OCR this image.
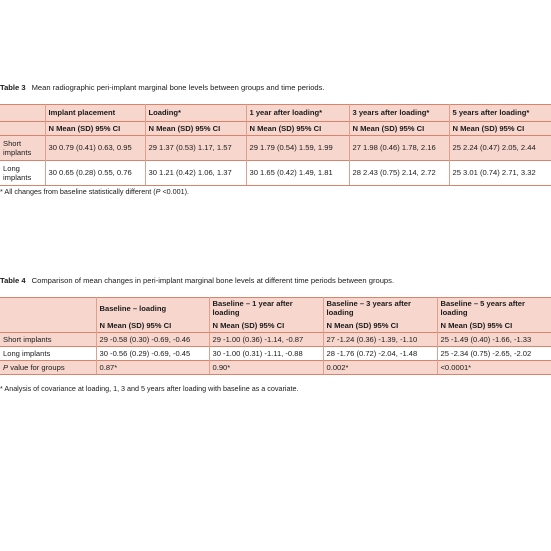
Table 3 Mean radiographic peri-implant marginal bone levels between groups and time periods.
	Implant placement	Loading*	1 year after loading*	3 years after loading*	5 years after loading*
	N Mean (SD) 95% CI	N Mean (SD) 95% CI	N Mean (SD) 95% CI	N Mean (SD) 95% CI	N Mean (SD) 95% CI
Short implants	30 0.79 (0.41) 0.63, 0.95	29 1.37 (0.53) 1.17, 1.57	29 1.79 (0.54) 1.59, 1.99	27 1.98 (0.46) 1.78, 2.16	25 2.24 (0.47) 2.05, 2.44
Long implants	30 0.65 (0.28) 0.55, 0.76	30 1.21 (0.42) 1.06, 1.37	30 1.65 (0.42) 1.49, 1.81	28 2.43 (0.75) 2.14, 2.72	25 3.01 (0.74) 2.71, 3.32
* All changes from baseline statistically different (P <0.001).
Table 4 Comparison of mean changes in peri-implant marginal bone levels at different time periods between groups.
	Baseline – loading	Baseline – 1 year after loading	Baseline – 3 years after loading	Baseline – 5 years after loading
	N Mean (SD) 95% CI	N Mean (SD) 95% CI	N Mean (SD) 95% CI	N Mean (SD) 95% CI
Short implants	29 -0.58 (0.30) -0.69, -0.46	29 -1.00 (0.36) -1.14, -0.87	27 -1.24 (0.36) -1.39, -1.10	25 -1.49 (0.40) -1.66, -1.33
Long implants	30 -0.56 (0.29) -0.69, -0.45	30 -1.00 (0.31) -1.11, -0.88	28 -1.76 (0.72) -2.04, -1.48	25 -2.34 (0.75) -2.65, -2.02
P value for groups	0.87*	0.90*	0.002*	<0.0001*
* Analysis of covariance at loading, 1, 3 and 5 years after loading with baseline as a covariate.
